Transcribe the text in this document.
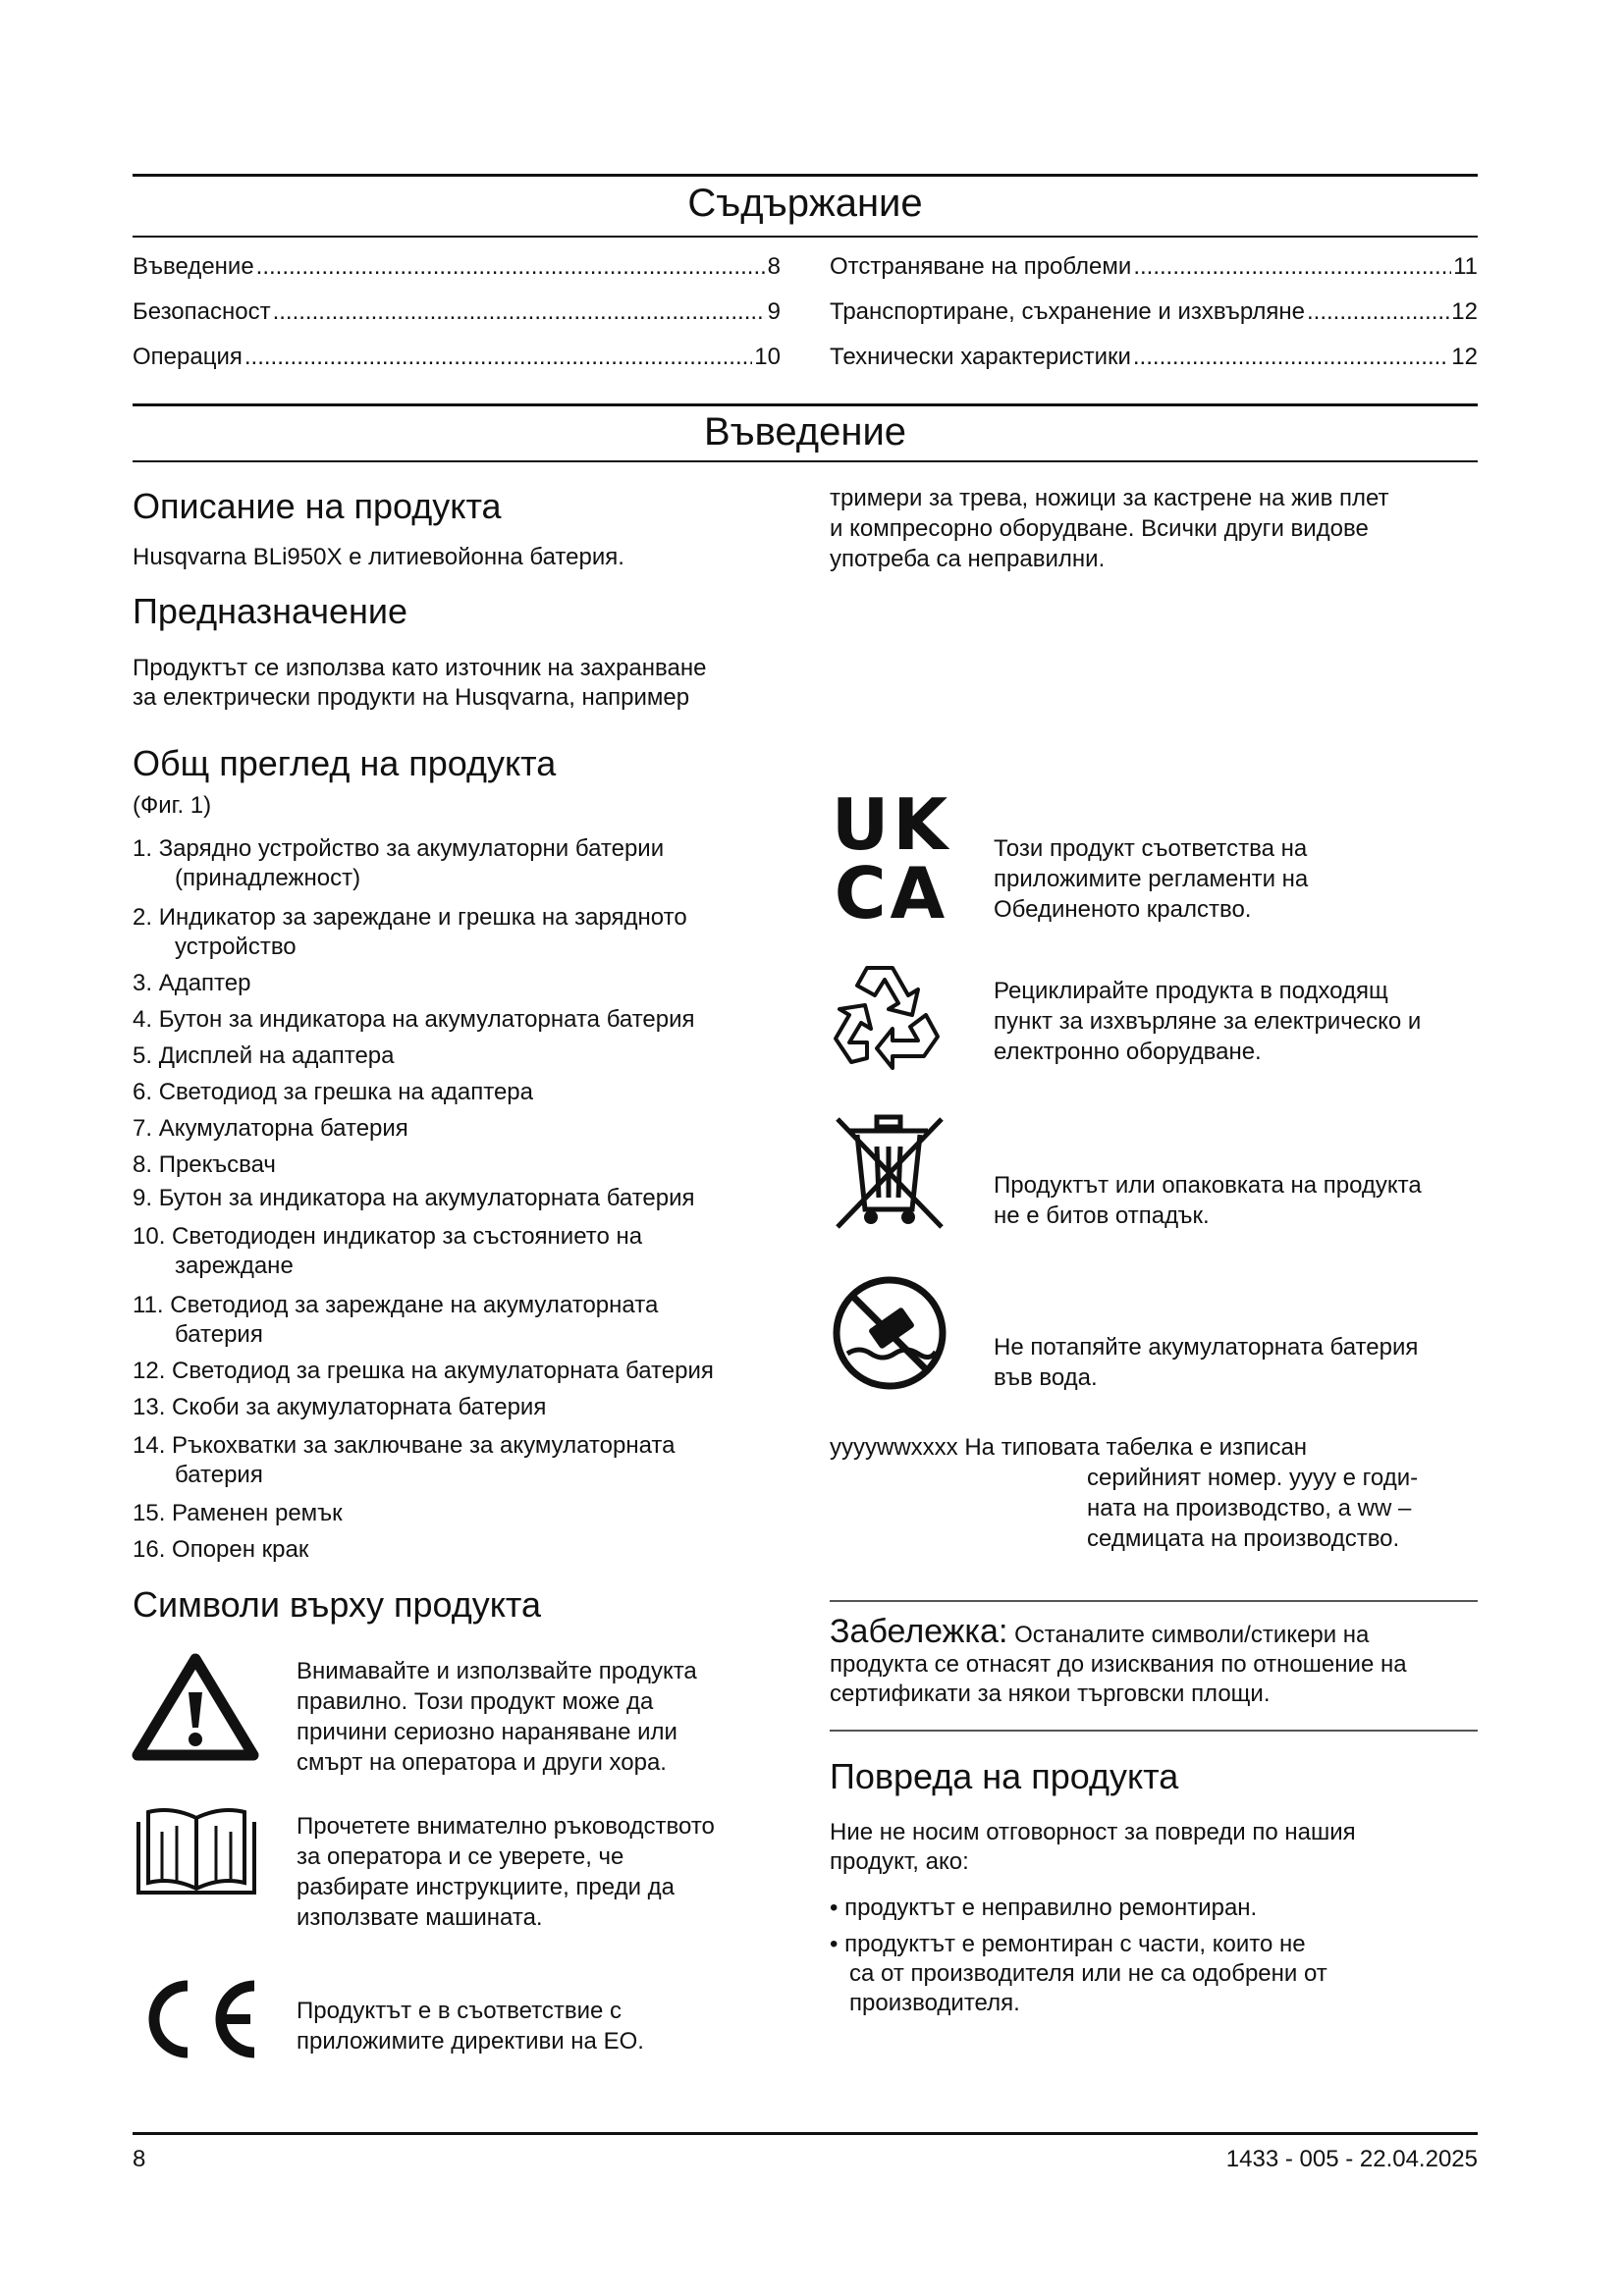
Съдържание
Въведение .....	8
Безопасност .....	9
Операция .....	10
Отстраняване на проблеми .....	11
Транспортиране, съхранение и изхвърляне .....	12
Технически характеристики .....	12
Въведение
Описание на продукта
Husqvarna BLi950X е литиевойонна батерия.
Предназначение
Продуктът се използва като източник на захранване
за електрически продукти на Husqvarna, например
Общ преглед на продукта
(Фиг. 1)
1. Зарядно устройство за акумулаторни батерии
(принадлежност)
2. Индикатор за зареждане и грешка на зарядното
устройство
3. Адаптер
4. Бутон за индикатора на акумулаторната батерия
5. Дисплей на адаптера
6. Светодиод за грешка на адаптера
7. Акумулаторна батерия
8. Прекъсвач
9. Бутон за индикатора на акумулаторната батерия
10. Светодиоден индикатор за състоянието на
зареждане
11. Светодиод за зареждане на акумулаторната
батерия
12. Светодиод за грешка на акумулаторната батерия
13. Скоби за акумулаторната батерия
14. Ръкохватки за заключване за акумулаторната
батерия
15. Раменен ремък
16. Опорен крак
Символи върху продукта
Внимавайте и използвайте продукта
правилно. Този продукт може да
причини сериозно нараняване или
смърт на оператора и други хора.
Прочетете внимателно ръководството
за оператора и се уверете, че
разбирате инструкциите, преди да
използвате машината.
Продуктът е в съответствие с
приложимите директиви на ЕО.
тримери за трева, ножици за кастрене на жив плет
и компресорно оборудване. Всички други видове
употреба са неправилни.
UK
CA
Този продукт съответства на
приложимите регламенти на
Обединеното кралство.
Рециклирайте продукта в подходящ
пункт за изхвърляне за електрическо и
електронно оборудване.
Продуктът или опаковката на продукта
не е битов отпадък.
Не потапяйте акумулаторната батерия
във вода.
yyyywwxxxx На типовата табелка е изписан
серийният номер. yyyy е годи-
ната на производство, а ww –
седмицата на производство.
Забележка: Останалите символи/стикери на
продукта се отнасят до изисквания по отношение на
сертификати за някои търговски площи.
Повреда на продукта
Ние не носим отговорност за повреди по нашия
продукт, ако:
• продуктът е неправилно ремонтиран.
• продуктът е ремонтиран с части, които не
са от производителя или не са одобрени от
производителя.
8	1433 - 005 - 22.04.2025
